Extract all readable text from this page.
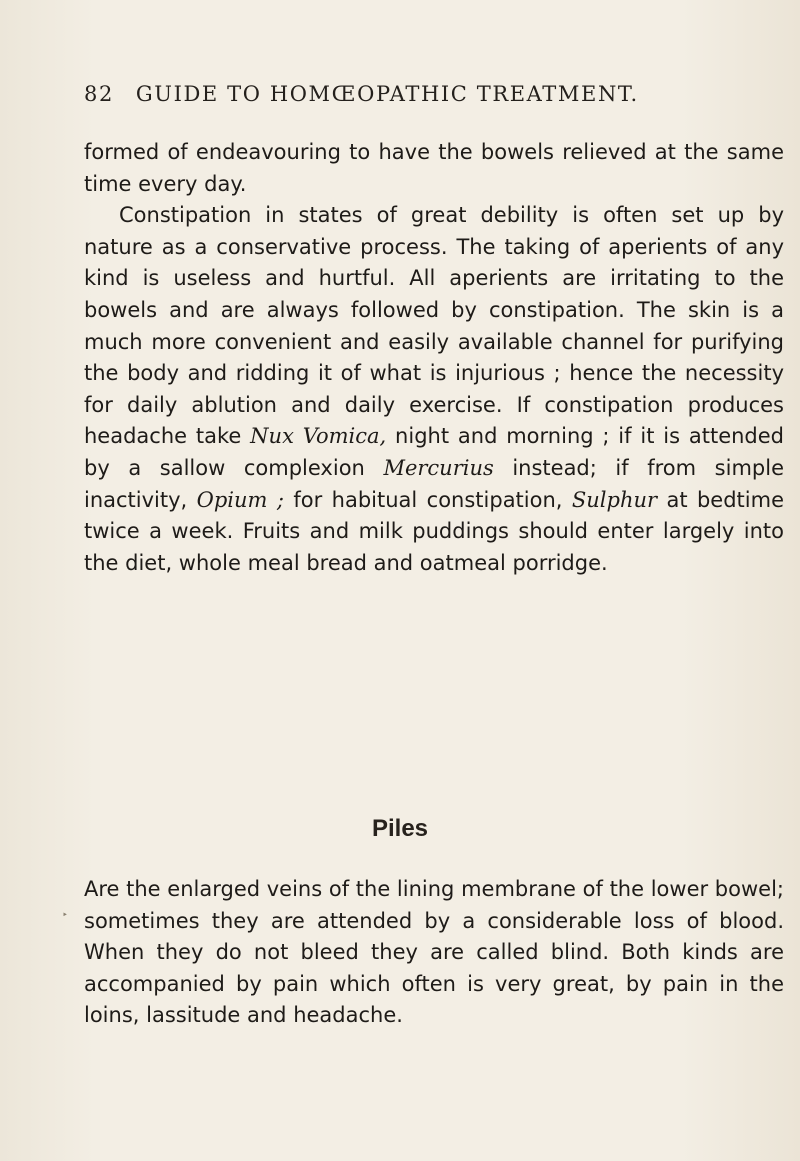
82 GUIDE TO HOMŒOPATHIC TREATMENT.

formed of endeavouring to have the bowels relieved at the same time every day.

Constipation in states of great debility is often set up by nature as a conservative process. The taking of aperients of any kind is useless and hurtful. All aperients are irritating to the bowels and are always followed by constipation. The skin is a much more convenient and easily available channel for purifying the body and ridding it of what is injurious ; hence the necessity for daily ablution and daily exercise. If constipation produces headache take Nux Vomica, night and morning ; if it is attended by a sallow complexion Mercurius instead; if from simple inactivity, Opium ; for habitual constipation, Sulphur at bedtime twice a week. Fruits and milk puddings should enter largely into the diet, whole meal bread and oatmeal porridge.

Piles

Are the enlarged veins of the lining membrane of the lower bowel; sometimes they are attended by a considerable loss of blood. When they do not bleed they are called blind. Both kinds are accompanied by pain which often is very great, by pain in the loins, lassitude and headache.

‣
